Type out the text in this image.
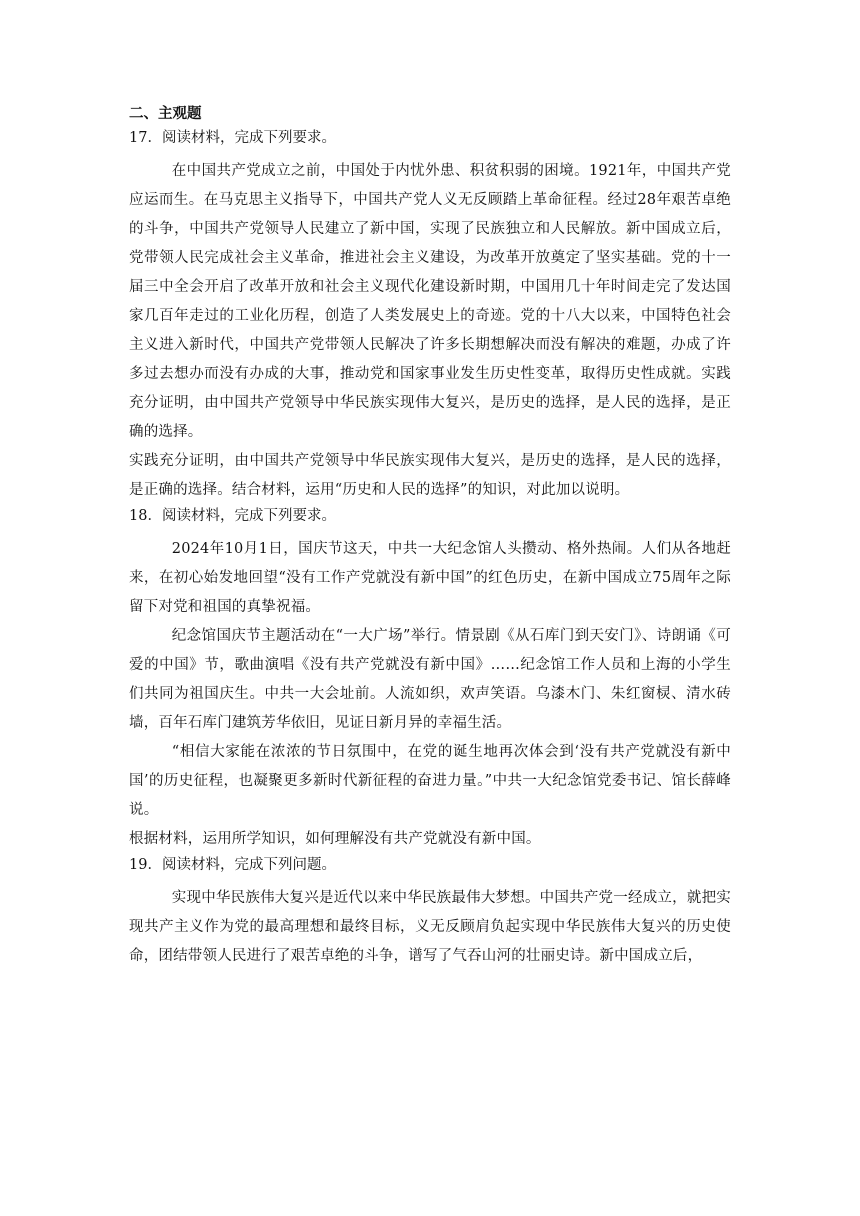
二、主观题
17．阅读材料，完成下列要求。

在中国共产党成立之前，中国处于内忧外患、积贫积弱的困境。1921年，中国共产党应运而生。在马克思主义指导下，中国共产党人义无反顾踏上革命征程。经过28年艰苦卓绝的斗争，中国共产党领导人民建立了新中国，实现了民族独立和人民解放。新中国成立后，党带领人民完成社会主义革命，推进社会主义建设，为改革开放奠定了坚实基础。党的十一届三中全会开启了改革开放和社会主义现代化建设新时期，中国用几十年时间走完了发达国家几百年走过的工业化历程，创造了人类发展史上的奇迹。党的十八大以来，中国特色社会主义进入新时代，中国共产党带领人民解决了许多长期想解决而没有解决的难题，办成了许多过去想办而没有办成的大事，推动党和国家事业发生历史性变革，取得历史性成就。实践充分证明，由中国共产党领导中华民族实现伟大复兴，是历史的选择，是人民的选择，是正确的选择。

实践充分证明，由中国共产党领导中华民族实现伟大复兴，是历史的选择，是人民的选择，是正确的选择。结合材料，运用“历史和人民的选择”的知识，对此加以说明。

18．阅读材料，完成下列要求。

2024年10月1日，国庆节这天，中共一大纪念馆人头攒动、格外热闹。人们从各地赶来，在初心始发地回望“没有工作产党就没有新中国”的红色历史，在新中国成立75周年之际留下对党和祖国的真挚祝福。

纪念馆国庆节主题活动在“一大广场”举行。情景剧《从石库门到天安门》、诗朗诵《可爱的中国》节，歌曲演唱《没有共产党就没有新中国》……纪念馆工作人员和上海的小学生们共同为祖国庆生。中共一大会址前。人流如织，欢声笑语。乌漆木门、朱红窗棂、清水砖墙，百年石库门建筑芳华依旧，见证日新月异的幸福生活。

“相信大家能在浓浓的节日氛围中，在党的诞生地再次体会到‘没有共产党就没有新中国’的历史征程，也凝聚更多新时代新征程的奋进力量。”中共一大纪念馆党委书记、馆长薛峰说。

根据材料，运用所学知识，如何理解没有共产党就没有新中国。

19．阅读材料，完成下列问题。

实现中华民族伟大复兴是近代以来中华民族最伟大梦想。中国共产党一经成立，就把实现共产主义作为党的最高理想和最终目标，义无反顾肩负起实现中华民族伟大复兴的历史使命，团结带领人民进行了艰苦卓绝的斗争，谱写了气吞山河的壮丽史诗。新中国成立后，
